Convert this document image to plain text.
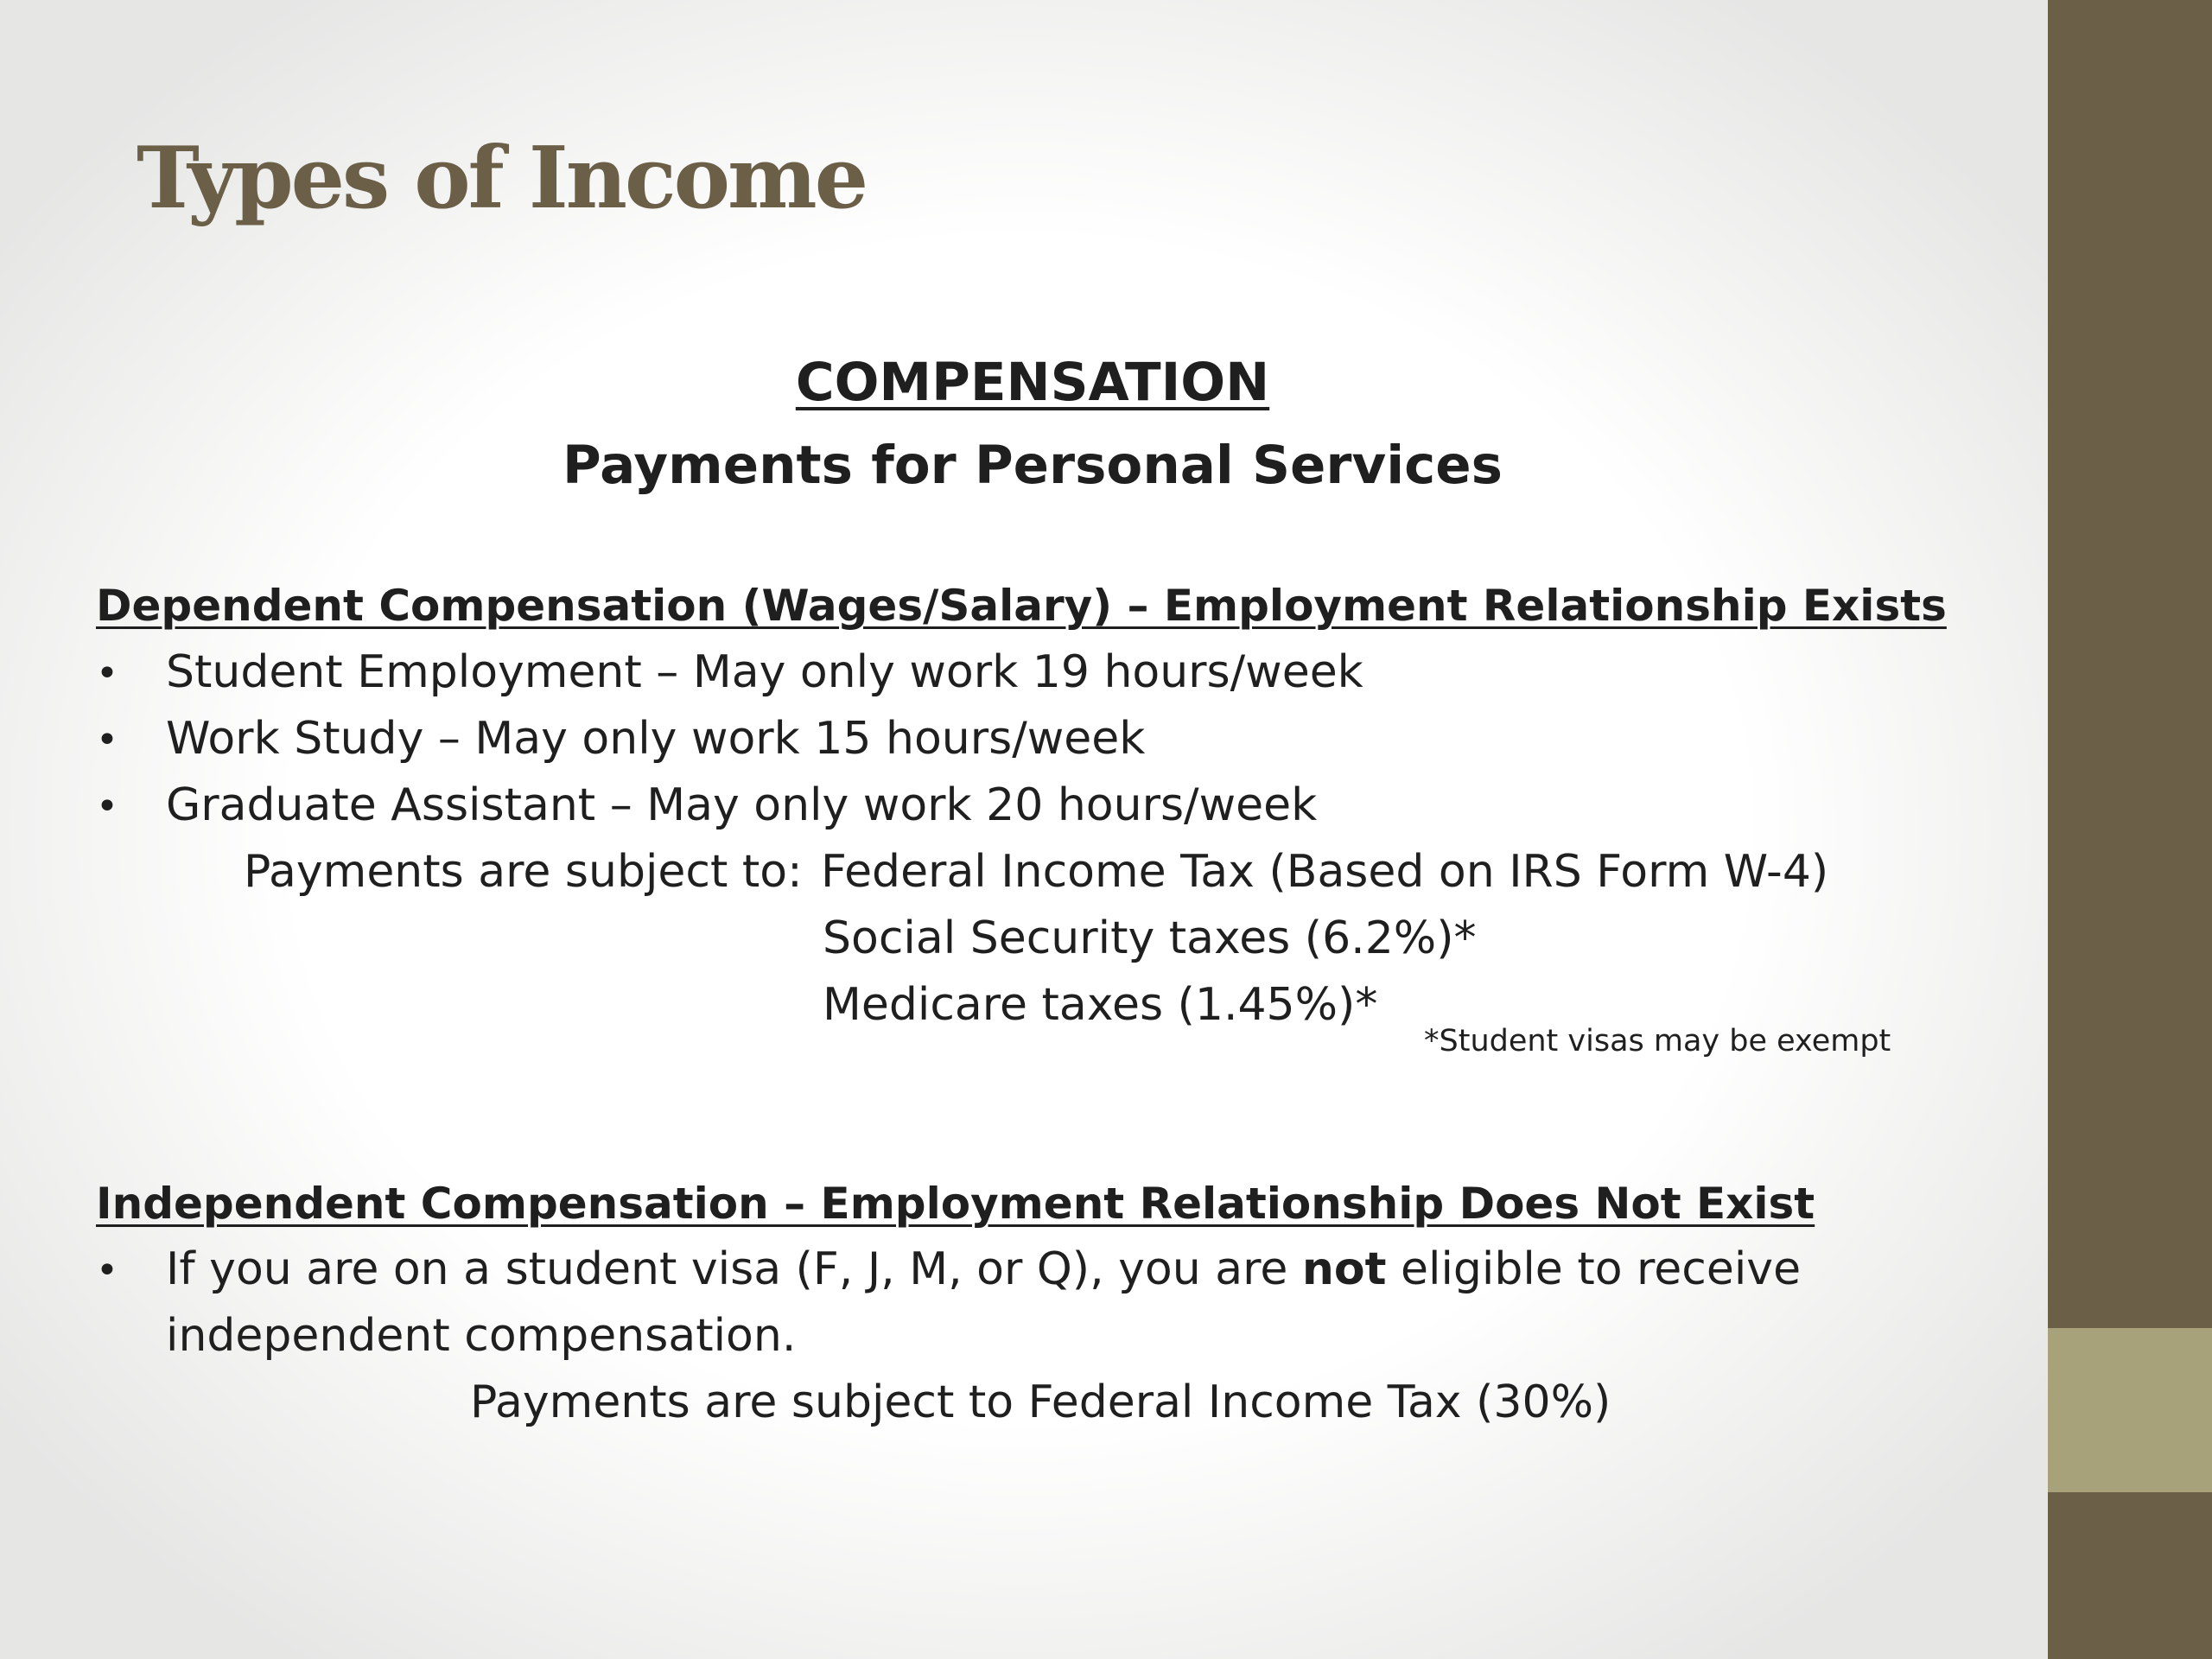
Types of Income
COMPENSATION
Payments for Personal Services
Dependent Compensation (Wages/Salary) – Employment Relationship Exists
• Student Employment – May only work 19 hours/week
• Work Study – May only work 15 hours/week
• Graduate Assistant – May only work 20 hours/week
Payments are subject to: Federal Income Tax (Based on IRS Form W-4)
Social Security taxes (6.2%)*
Medicare taxes (1.45%)*
*Student visas may be exempt
Independent Compensation – Employment Relationship Does Not Exist
• If you are on a student visa (F, J, M, or Q), you are not eligible to receive
independent compensation.
Payments are subject to Federal Income Tax (30%)
